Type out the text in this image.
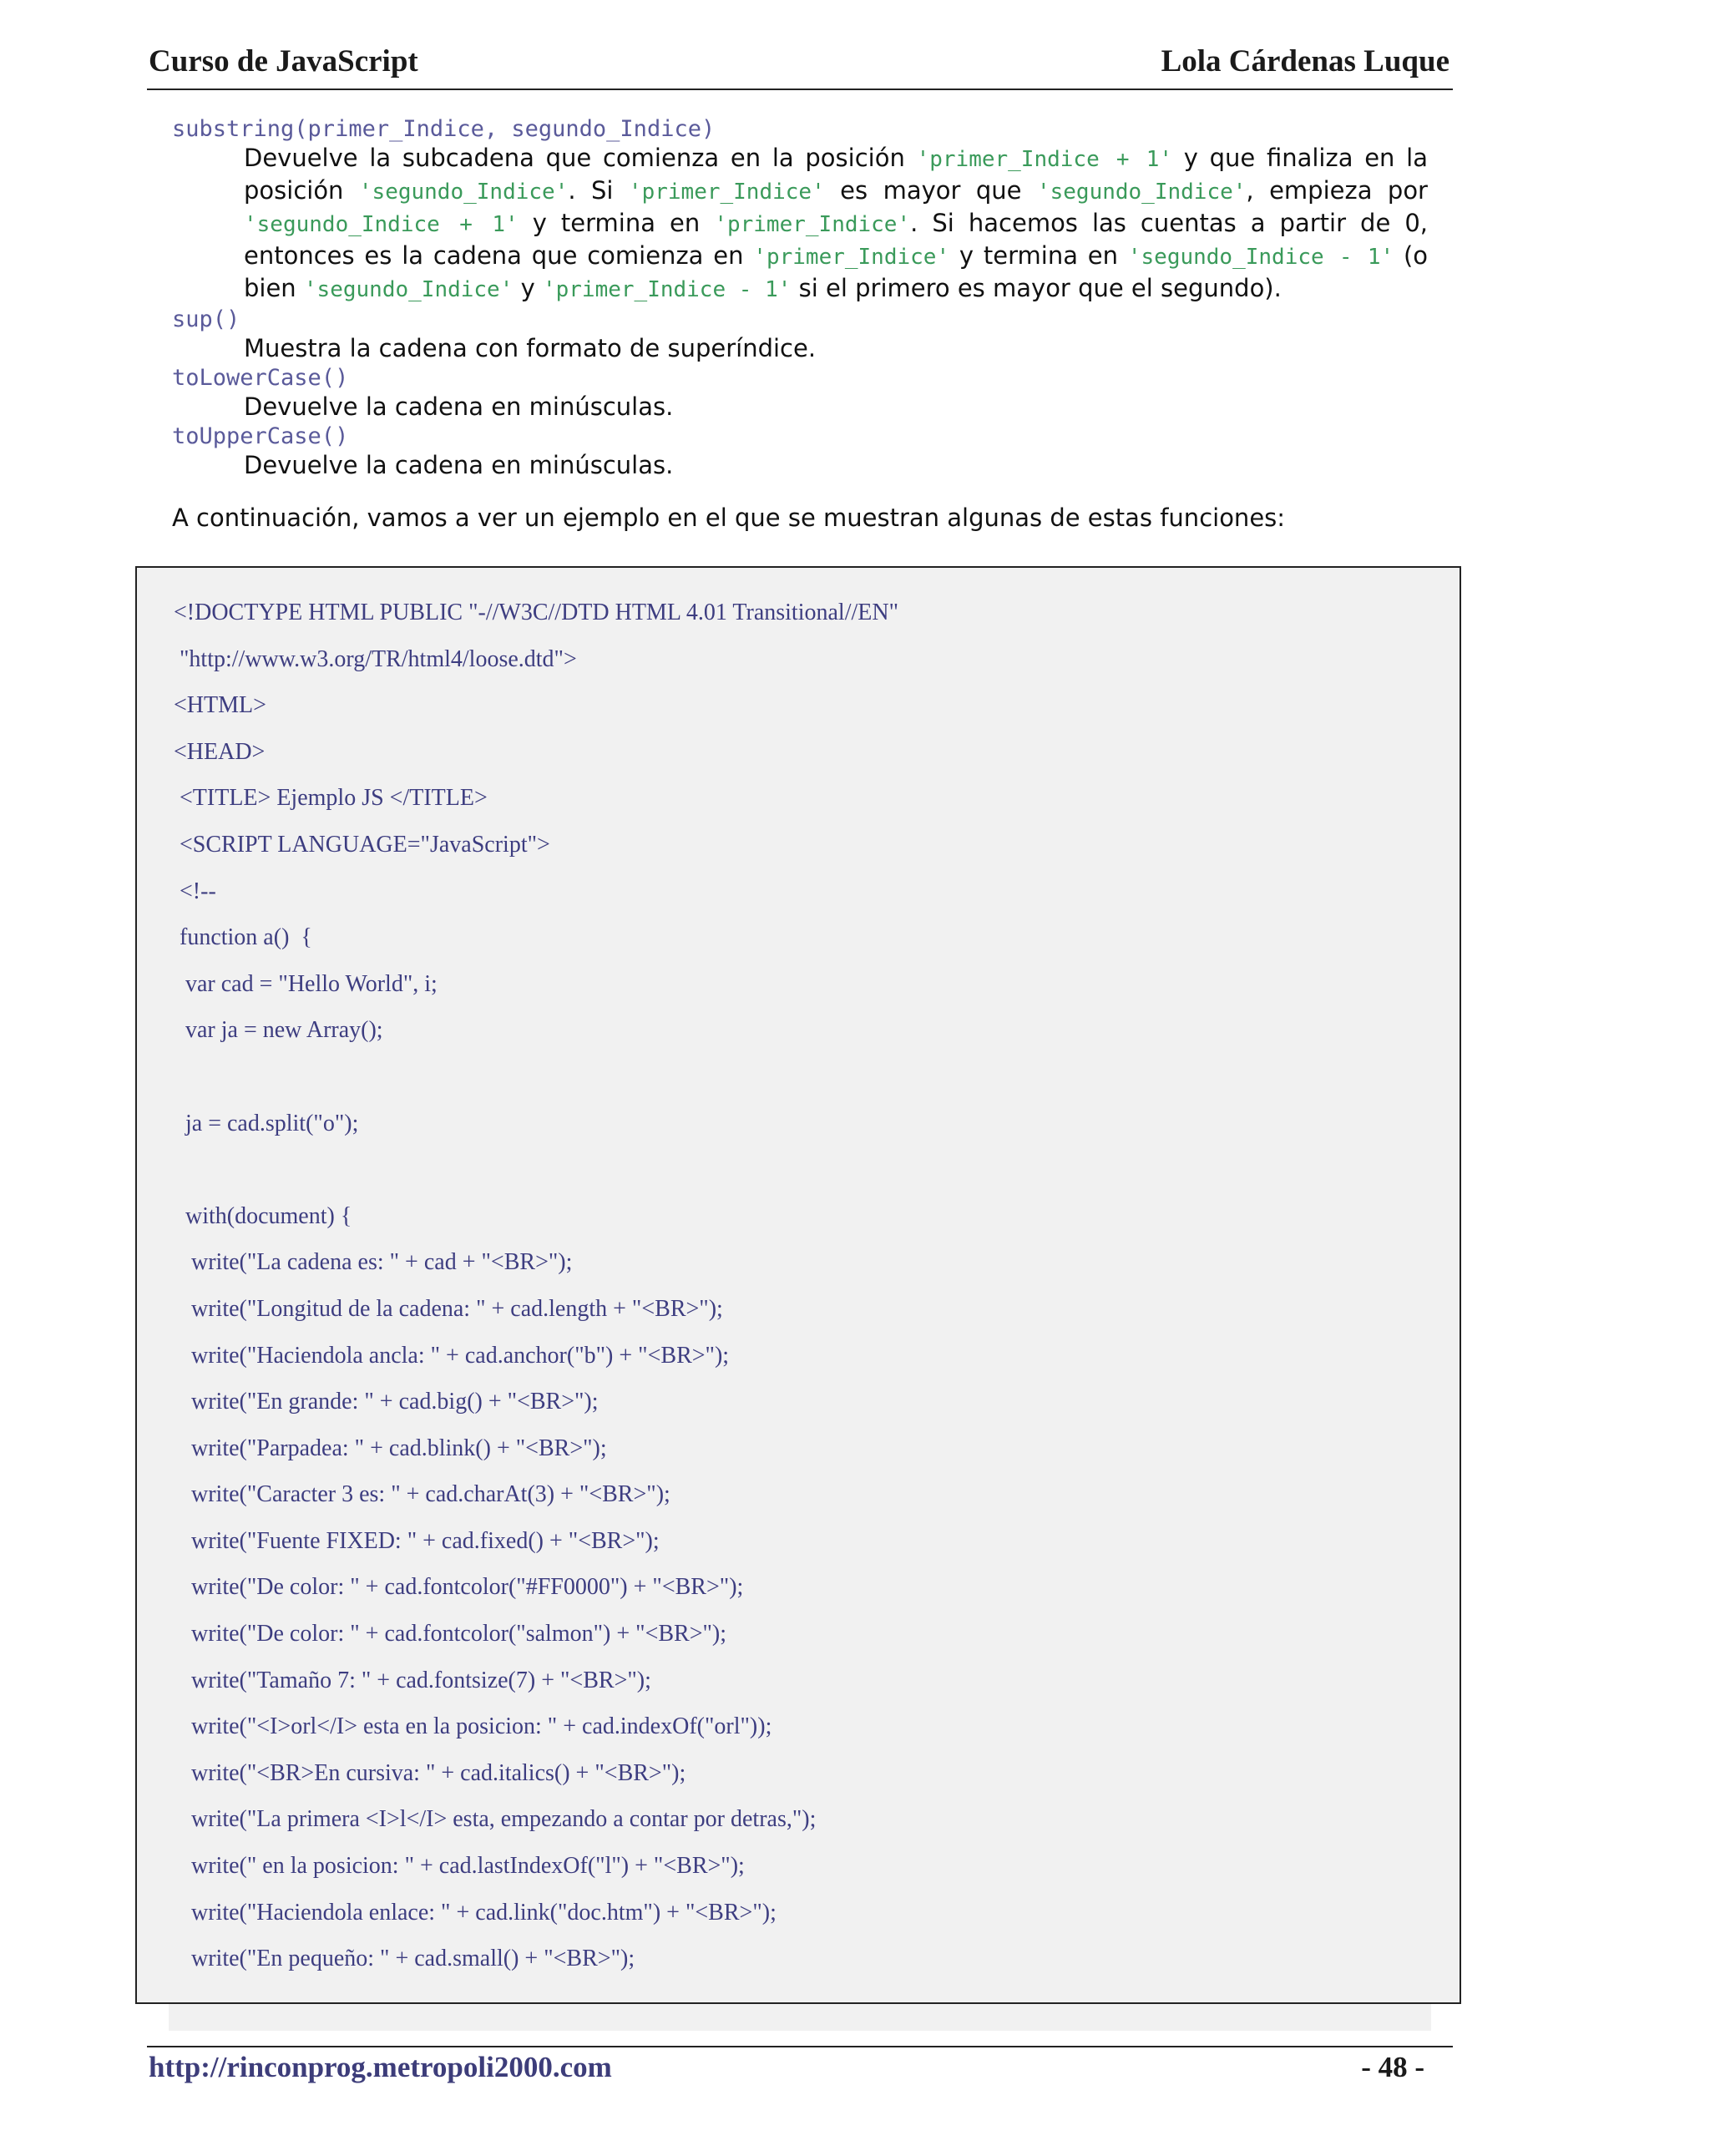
Curso de JavaScript	Lola Cárdenas Luque
substring(primer_Indice, segundo_Indice)
Devuelve la subcadena que comienza en la posición 'primer_Indice + 1' y que finaliza en la posición 'segundo_Indice'. Si 'primer_Indice' es mayor que 'segundo_Indice', empieza por 'segundo_Indice + 1' y termina en 'primer_Indice'. Si hacemos las cuentas a partir de 0, entonces es la cadena que comienza en 'primer_Indice' y termina en 'segundo_Indice - 1' (o bien 'segundo_Indice' y 'primer_Indice - 1' si el primero es mayor que el segundo).
sup()
Muestra la cadena con formato de superíndice.
toLowerCase()
Devuelve la cadena en minúsculas.
toUpperCase()
Devuelve la cadena en minúsculas.
A continuación, vamos a ver un ejemplo en el que se muestran algunas de estas funciones:
<!DOCTYPE HTML PUBLIC "-//W3C//DTD HTML 4.01 Transitional//EN"
"http://www.w3.org/TR/html4/loose.dtd">
<HTML>
<HEAD>
<TITLE> Ejemplo JS </TITLE>
<SCRIPT LANGUAGE="JavaScript">
<!--
function a()  {
var cad = "Hello World", i;
var ja = new Array();
ja = cad.split("o");
with(document) {
write("La cadena es: " + cad + "<BR>");
write("Longitud de la cadena: " + cad.length + "<BR>");
write("Haciendola ancla: " + cad.anchor("b") + "<BR>");
write("En grande: " + cad.big() + "<BR>");
write("Parpadea: " + cad.blink() + "<BR>");
write("Caracter 3 es: " + cad.charAt(3) + "<BR>");
write("Fuente FIXED: " + cad.fixed() + "<BR>");
write("De color: " + cad.fontcolor("#FF0000") + "<BR>");
write("De color: " + cad.fontcolor("salmon") + "<BR>");
write("Tamaño 7: " + cad.fontsize(7) + "<BR>");
write("<I>orl</I> esta en la posicion: " + cad.indexOf("orl"));
write("<BR>En cursiva: " + cad.italics() + "<BR>");
write("La primera <I>l</I> esta, empezando a contar por detras,");
write(" en la posicion: " + cad.lastIndexOf("l") + "<BR>");
write("Haciendola enlace: " + cad.link("doc.htm") + "<BR>");
write("En pequeño: " + cad.small() + "<BR>");
http://rinconprog.metropoli2000.com	- 48 -
